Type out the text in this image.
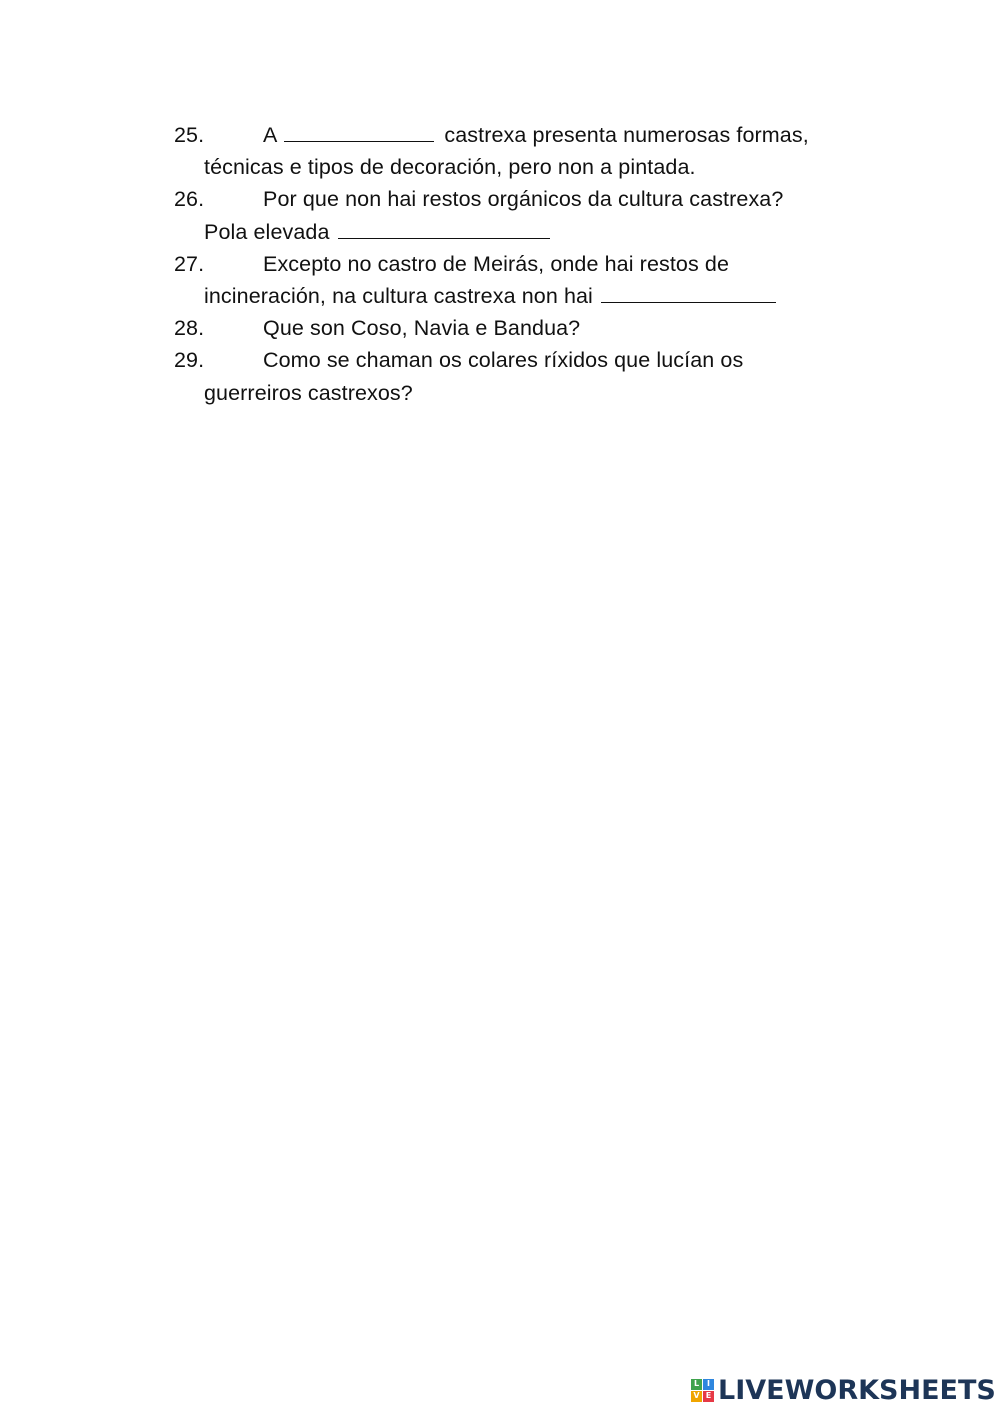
25.	A	castrexa presenta numerosas formas,
técnicas e tipos de decoración, pero non a pintada.
26.	Por que non hai restos orgánicos da cultura castrexa?
Pola elevada
27.	Excepto no castro de Meirás, onde hai restos de
incineración, na cultura castrexa non hai
28.	Que son Coso, Navia e Bandua?
29.	Como se chaman os colares ríxidos que lucían os
guerreiros castrexos?
L I
V E LIVEWORKSHEETS
